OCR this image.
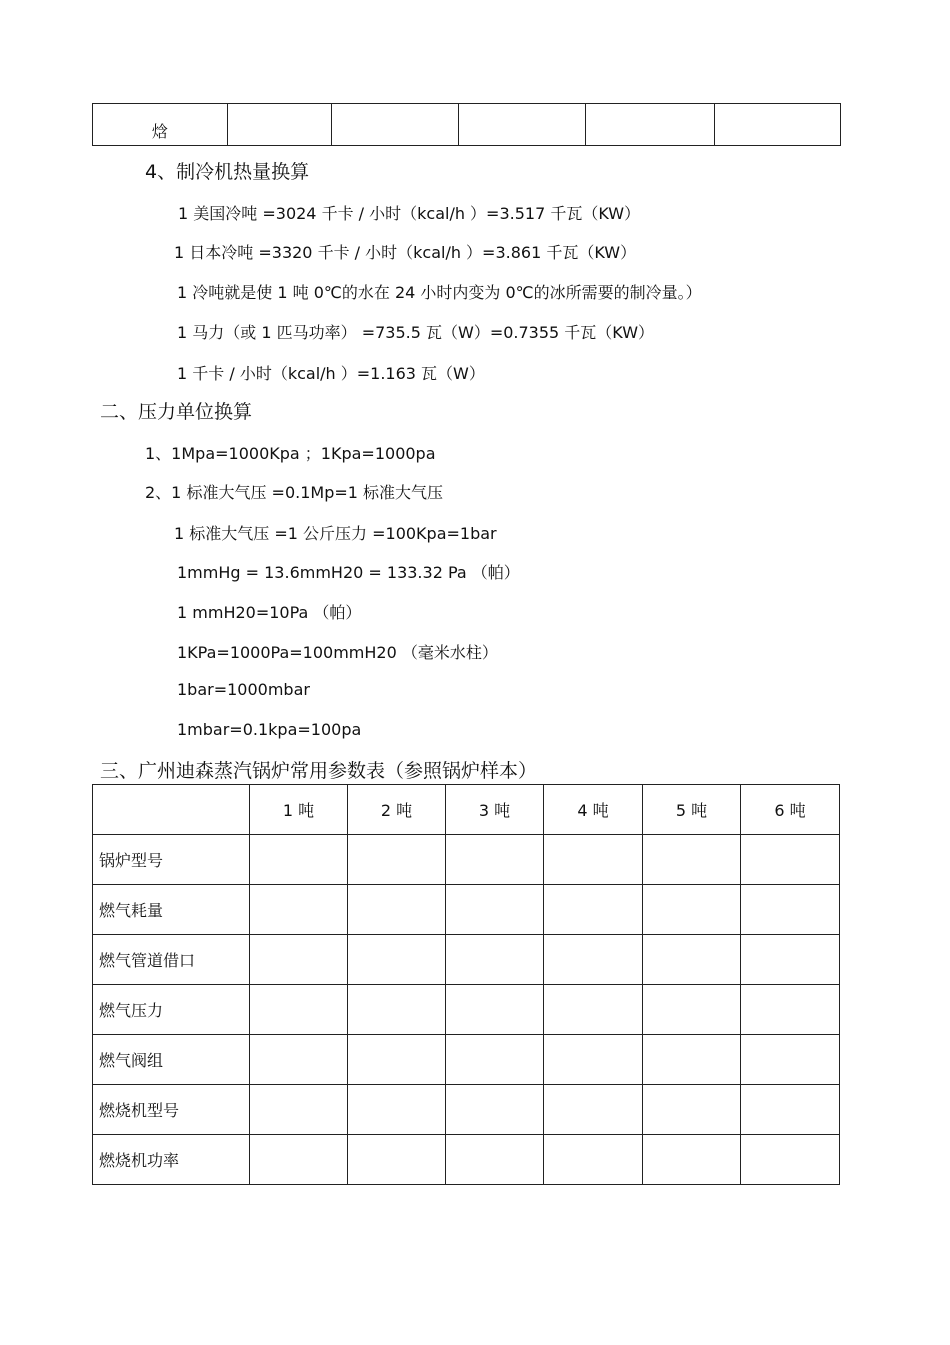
焓					
4、制冷机热量换算
1 美国冷吨 =3024 千卡 / 小时（kcal/h ）=3.517 千瓦（KW）
1 日本冷吨 =3320 千卡 / 小时（kcal/h ）=3.861 千瓦（KW）
1 冷吨就是使 1 吨 0℃的水在 24 小时内变为 0℃的冰所需要的制冷量。）
1 马力（或 1 匹马功率） =735.5 瓦（W）=0.7355 千瓦（KW）
1 千卡 / 小时（kcal/h ）=1.163 瓦（W）
二、压力单位换算
1、1Mpa=1000Kpa ；1Kpa=1000pa
2、1 标准大气压 =0.1Mp=1 标准大气压
1 标准大气压 =1 公斤压力 =100Kpa=1bar
1mmHg = 13.6mmH20 = 133.32 Pa （帕）
1 mmH20=10Pa （帕）
1KPa=1000Pa=100mmH20 （毫米水柱）
1bar=1000mbar
1mbar=0.1kpa=100pa
三、广州迪森蒸汽锅炉常用参数表（参照锅炉样本）
	1 吨	2 吨	3 吨	4 吨	5 吨	6 吨
锅炉型号						
燃气耗量						
燃气管道借口						
燃气压力						
燃气阀组						
燃烧机型号						
燃烧机功率						
